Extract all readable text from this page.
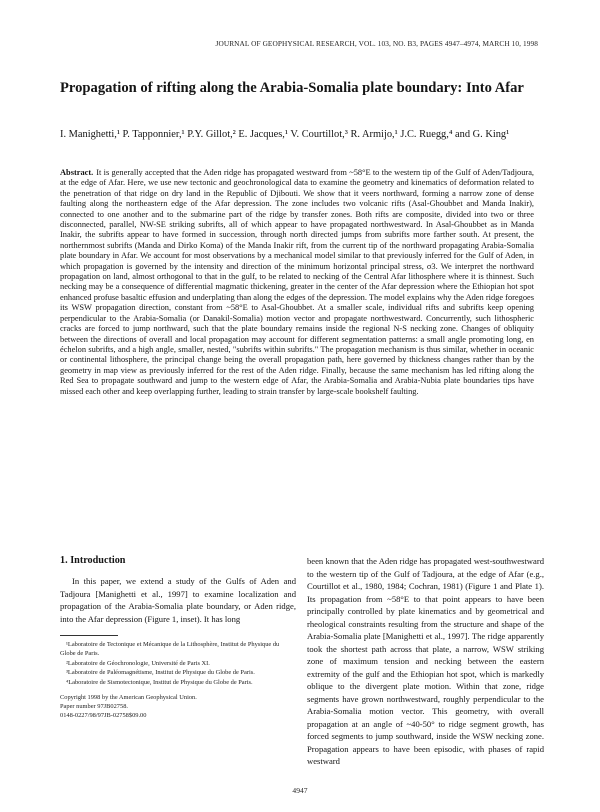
JOURNAL OF GEOPHYSICAL RESEARCH, VOL. 103, NO. B3, PAGES 4947–4974, MARCH 10, 1998
Propagation of rifting along the Arabia-Somalia plate boundary: Into Afar
I. Manighetti,¹ P. Tapponnier,¹ P.Y. Gillot,² E. Jacques,¹ V. Courtillot,³ R. Armijo,¹ J.C. Ruegg,⁴ and G. King¹
Abstract. It is generally accepted that the Aden ridge has propagated westward from ~58°E to the western tip of the Gulf of Aden/Tadjoura, at the edge of Afar. Here, we use new tectonic and geochronological data to examine the geometry and kinematics of deformation related to the penetration of that ridge on dry land in the Republic of Djibouti. We show that it veers northward, forming a narrow zone of dense faulting along the northeastern edge of the Afar depression. The zone includes two volcanic rifts (Asal-Ghoubbet and Manda Inakir), connected to one another and to the submarine part of the ridge by transfer zones. Both rifts are composite, divided into two or three disconnected, parallel, NW-SE striking subrifts, all of which appear to have propagated northwestward. In Asal-Ghoubbet as in Manda Inakir, the subrifts appear to have formed in succession, through north directed jumps from subrifts more farther south. At present, the northernmost subrifts (Manda and Dirko Koma) of the Manda Inakir rift, from the current tip of the northward propagating Arabia-Somalia plate boundary in Afar. We account for most observations by a mechanical model similar to that previously inferred for the Gulf of Aden, in which propagation is governed by the intensity and direction of the minimum horizontal principal stress, σ3. We interpret the northward propagation on land, almost orthogonal to that in the gulf, to be related to necking of the Central Afar lithosphere where it is thinnest. Such necking may be a consequence of differential magmatic thickening, greater in the center of the Afar depression where the Ethiopian hot spot enhanced profuse basaltic effusion and underplating than along the edges of the depression. The model explains why the Aden ridge foregoes its WSW propagation direction, constant from ~58°E to Asal-Ghoubbet. At a smaller scale, individual rifts and subrifts keep opening perpendicular to the Arabia-Somalia (or Danakil-Somalia) motion vector and propagate northwestward. Concurrently, such lithospheric cracks are forced to jump northward, such that the plate boundary remains inside the regional N-S necking zone. Changes of obliquity between the directions of overall and local propagation may account for different segmentation patterns: a small angle promoting long, en échelon subrifts, and a high angle, smaller, nested, "subrifts within subrifts." The propagation mechanism is thus similar, whether in oceanic or continental lithosphere, the principal change being the overall propagation path, here governed by thickness changes rather than by the geometry in map view as previously inferred for the rest of the Aden ridge. Finally, because the same mechanism has led rifting along the Red Sea to propagate southward and jump to the western edge of Afar, the Arabia-Somalia and Arabia-Nubia plate boundaries tips have missed each other and keep overlapping further, leading to strain transfer by large-scale bookshelf faulting.
1. Introduction

In this paper, we extend a study of the Gulfs of Aden and Tadjoura [Manighetti et al., 1997] to examine localization and propagation of the Arabia-Somalia plate boundary, or Aden ridge, into the Afar depression (Figure 1, inset). It has long

¹Laboratoire de Tectonique et Mécanique de la Lithosphère, Institut de Physique du Globe de Paris.

²Laboratoire de Géochronologie, Université de Paris XI.

³Laboratoire de Paléomagnétisme, Institut de Physique du Globe de Paris.

⁴Laboratoire de Sismotectonique, Institut de Physique du Globe de Paris.

Copyright 1998 by the American Geophysical Union.
Paper number 97JB02758.
0148-0227/98/97JB-02758$09.00

been known that the Aden ridge has propagated west-southwestward to the western tip of the Gulf of Tadjoura, at the edge of Afar (e.g., Courtillot et al., 1980, 1984; Cochran, 1981) (Figure 1 and Plate 1). Its propagation from ~58°E to that point appears to have been principally controlled by plate kinematics and by geometrical and rheological constraints resulting from the structure and shape of the Arabia-Somalia plate [Manighetti et al., 1997]. The ridge apparently took the shortest path across that plate, a narrow, WSW striking zone of maximum tension and necking between the eastern extremity of the gulf and the Ethiopian hot spot, which is markedly oblique to the divergent plate motion. Within that zone, ridge segments have grown northwestward, roughly perpendicular to the Arabia-Somalia motion vector. This geometry, with overall propagation at an angle of ~40-50° to ridge segment growth, has forced segments to jump southward, inside the WSW necking zone. Propagation appears to have been episodic, with phases of rapid westward

4947
